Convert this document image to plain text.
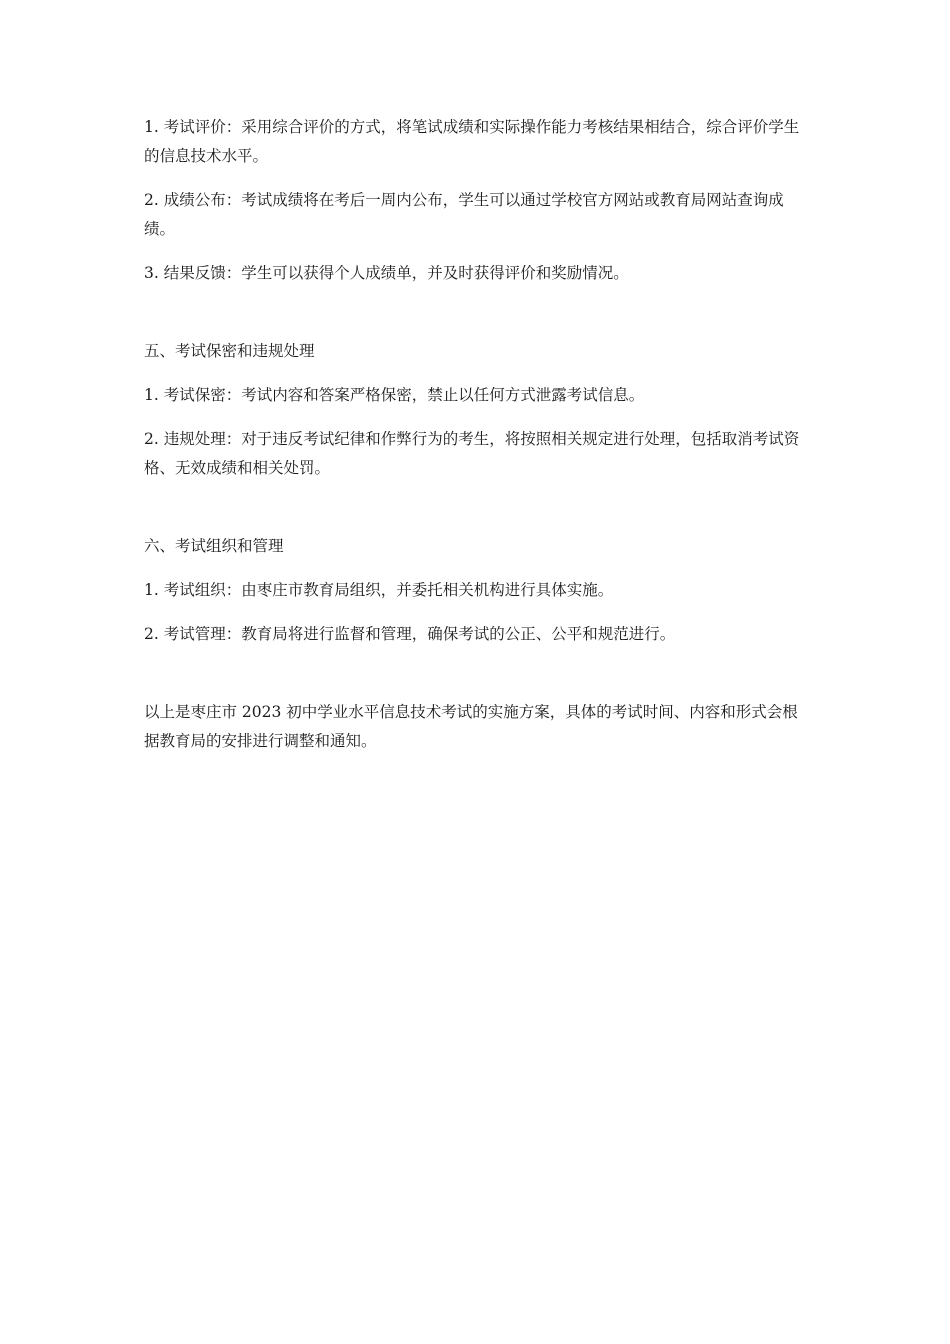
1. 考试评价：采用综合评价的方式，将笔试成绩和实际操作能力考核结果相结合，综合评价学生的信息技术水平。

2. 成绩公布：考试成绩将在考后一周内公布，学生可以通过学校官方网站或教育局网站查询成绩。

3. 结果反馈：学生可以获得个人成绩单，并及时获得评价和奖励情况。

五、考试保密和违规处理

1. 考试保密：考试内容和答案严格保密，禁止以任何方式泄露考试信息。

2. 违规处理：对于违反考试纪律和作弊行为的考生，将按照相关规定进行处理，包括取消考试资格、无效成绩和相关处罚。

六、考试组织和管理

1. 考试组织：由枣庄市教育局组织，并委托相关机构进行具体实施。

2. 考试管理：教育局将进行监督和管理，确保考试的公正、公平和规范进行。

以上是枣庄市 2023 初中学业水平信息技术考试的实施方案，具体的考试时间、内容和形式会根据教育局的安排进行调整和通知。
